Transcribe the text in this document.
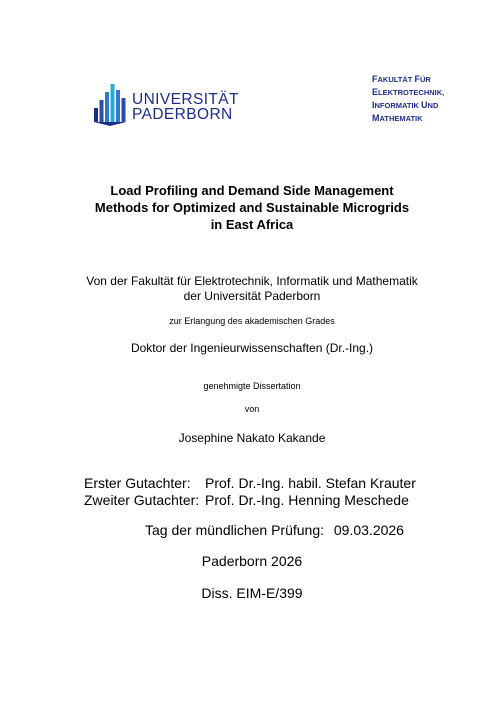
UNIVERSITÄT
PADERBORN
FAKULTÄT FÜR
ELEKTROTECHNIK,
INFORMATIK UND
MATHEMATIK
Load Profiling and Demand Side Management
Methods for Optimized and Sustainable Microgrids
in East Africa
Von der Fakultät für Elektrotechnik, Informatik und Mathematik
der Universität Paderborn
zur Erlangung des akademischen Grades
Doktor der Ingenieurwissenschaften (Dr.-Ing.)
genehmigte Dissertation
von
Josephine Nakato Kakande
Erster Gutachter: Prof. Dr.-Ing. habil. Stefan Krauter
Zweiter Gutachter: Prof. Dr.-Ing. Henning Meschede
Tag der mündlichen Prüfung: 09.03.2026
Paderborn 2026
Diss. EIM-E/399
